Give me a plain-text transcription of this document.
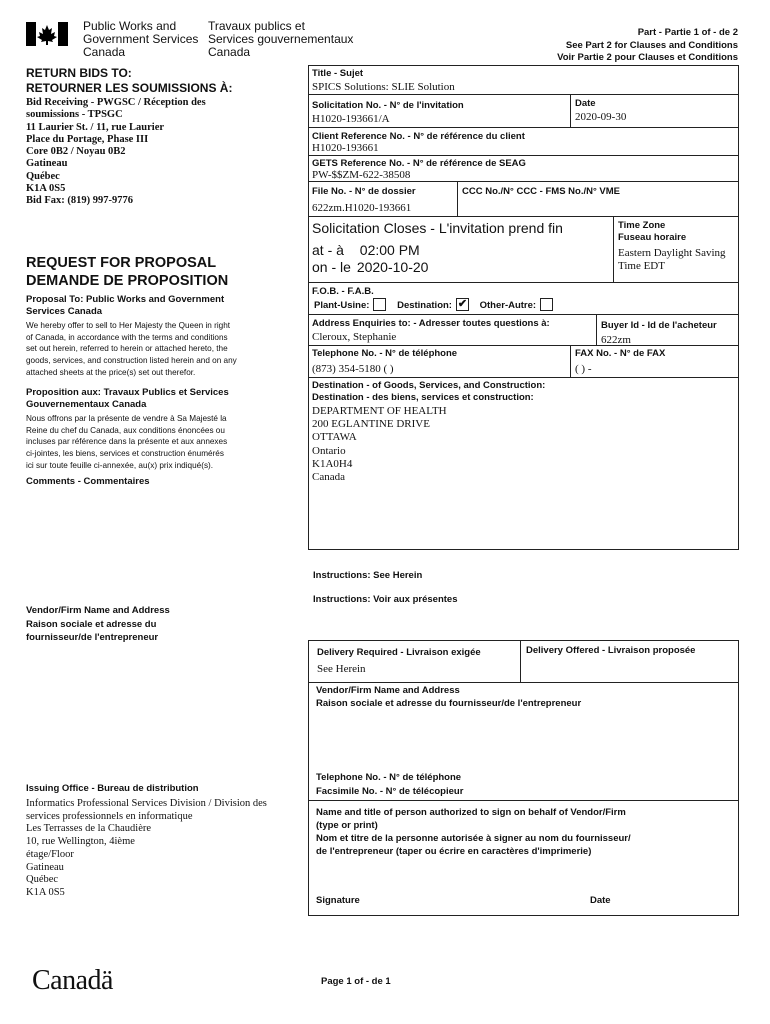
Public Works and
Government Services
Canada
Travaux publics et
Services gouvernementaux
Canada
Part - Partie 1 of - de 2
See Part 2 for Clauses and Conditions
Voir Partie 2 pour Clauses et Conditions
RETURN BIDS TO:
RETOURNER LES SOUMISSIONS À:
Bid Receiving - PWGSC / Réception des
soumissions - TPSGC
11 Laurier St. / 11, rue Laurier
Place du Portage, Phase III
Core 0B2 / Noyau 0B2
Gatineau
Québec
K1A 0S5
Bid Fax: (819) 997-9776
REQUEST FOR PROPOSAL
DEMANDE DE PROPOSITION
Proposal To: Public Works and Government
Services Canada
We hereby offer to sell to Her Majesty the Queen in right
of Canada, in accordance with the terms and conditions
set out herein, referred to herein or attached hereto, the
goods, services, and construction listed herein and on any
attached sheets at the price(s) set out therefor.
Proposition aux: Travaux Publics et Services
Gouvernementaux Canada
Nous offrons par la présente de vendre à Sa Majesté la
Reine du chef du Canada, aux conditions énoncées ou
incluses par référence dans la présente et aux annexes
ci-jointes, les biens, services et construction énumérés
ici sur toute feuille ci-annexée, au(x) prix indiqué(s).
Comments - Commentaires
Vendor/Firm Name and Address
Raison sociale et adresse du
fournisseur/de l'entrepreneur
Issuing Office - Bureau de distribution
Informatics Professional Services Division / Division des
services professionnels en informatique
Les Terrasses de la Chaudière
10, rue Wellington, 4ième
étage/Floor
Gatineau
Québec
K1A 0S5
Title - Sujet
SPICS Solutions: SLIE Solution
Solicitation No. - N° de l'invitation
H1020-193661/A
Date
2020-09-30
Client Reference No. - N° de référence du client
H1020-193661
GETS Reference No. - N° de référence de SEAG
PW-$$ZM-622-38508
File No. - N° de dossier
622zm.H1020-193661
CCC No./N° CCC - FMS No./N° VME
Solicitation Closes - L'invitation prend fin
at - à 02:00 PM
on - le 2020-10-20
Time Zone
Fuseau horaire
Eastern Daylight Saving
Time EDT
F.O.B. - F.A.B.
Plant-Usine:	Destination: ✔ Other-Autre:
Address Enquiries to: - Adresser toutes questions à:
Cleroux, Stephanie
Buyer Id - Id de l'acheteur
622zm
Telephone No. - N° de téléphone
(873) 354-5180 ( )
FAX No. - N° de FAX
( ) -
Destination - of Goods, Services, and Construction:
Destination - des biens, services et construction:
DEPARTMENT OF HEALTH
200 EGLANTINE DRIVE
OTTAWA
Ontario
K1A0H4
Canada
Instructions: See Herein
Instructions: Voir aux présentes
Delivery Required - Livraison exigée
See Herein
Delivery Offered - Livraison proposée
Vendor/Firm Name and Address
Raison sociale et adresse du fournisseur/de l'entrepreneur
Telephone No. - N° de téléphone
Facsimile No. - N° de télécopieur
Name and title of person authorized to sign on behalf of Vendor/Firm
(type or print)
Nom et titre de la personne autorisée à signer au nom du fournisseur/
de l'entrepreneur (taper ou écrire en caractères d'imprimerie)
Signature	Date
Canadä	Page 1 of - de 1
